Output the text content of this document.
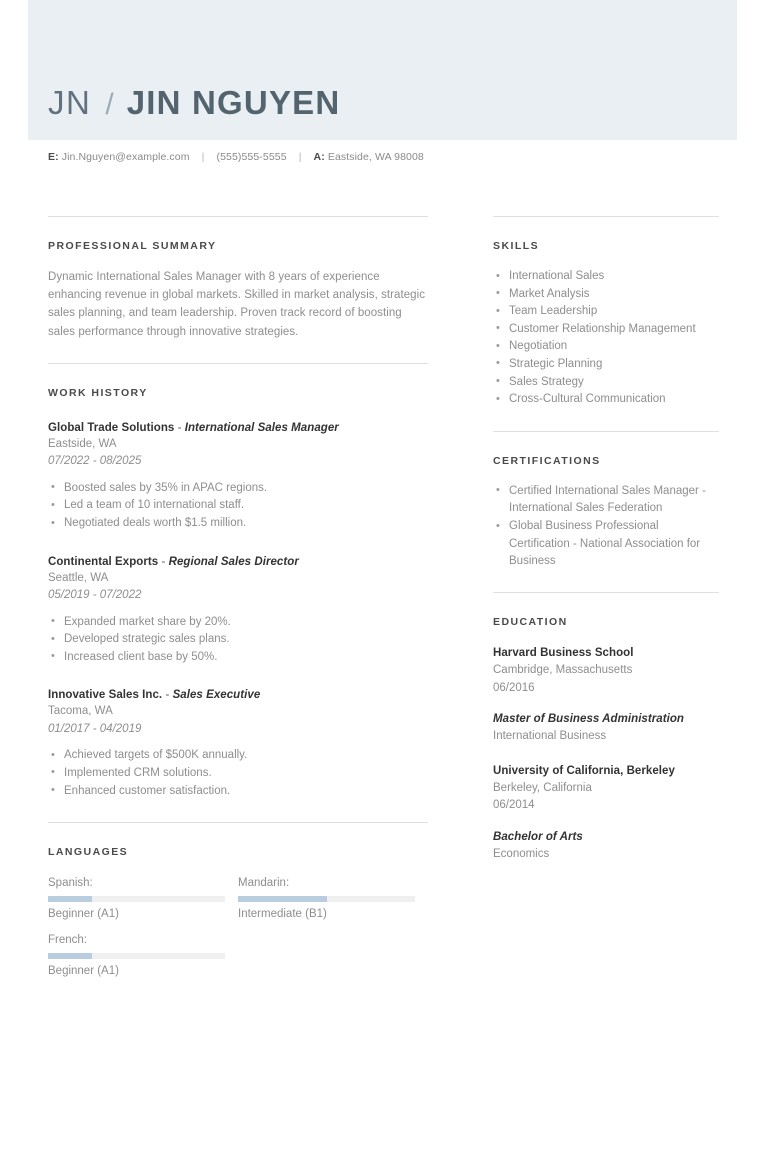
JN / JIN NGUYEN
E: Jin.Nguyen@example.com | (555)555-5555 | A: Eastside, WA 98008
PROFESSIONAL SUMMARY

Dynamic International Sales Manager with 8 years of experience enhancing revenue in global markets. Skilled in market analysis, strategic sales planning, and team leadership. Proven track record of boosting sales performance through innovative strategies.

WORK HISTORY
Global Trade Solutions - International Sales Manager
Eastside, WA
07/2022 - 08/2025
• Boosted sales by 35% in APAC regions.
• Led a team of 10 international staff.
• Negotiated deals worth $1.5 million.
Continental Exports - Regional Sales Director
Seattle, WA
05/2019 - 07/2022
• Expanded market share by 20%.
• Developed strategic sales plans.
• Increased client base by 50%.
Innovative Sales Inc. - Sales Executive
Tacoma, WA
01/2017 - 04/2019
• Achieved targets of $500K annually.
• Implemented CRM solutions.
• Enhanced customer satisfaction.
LANGUAGES
Spanish:
Beginner (A1)
Mandarin:
Intermediate (B1)
French:
Beginner (A1)
SKILLS
• International Sales
• Market Analysis
• Team Leadership
• Customer Relationship Management
• Negotiation
• Strategic Planning
• Sales Strategy
• Cross-Cultural Communication
CERTIFICATIONS
• Certified International Sales Manager - International Sales Federation
• Global Business Professional Certification - National Association for Business
EDUCATION
Harvard Business School
Cambridge, Massachusetts
06/2016
Master of Business Administration
International Business
University of California, Berkeley
Berkeley, California
06/2014
Bachelor of Arts
Economics
